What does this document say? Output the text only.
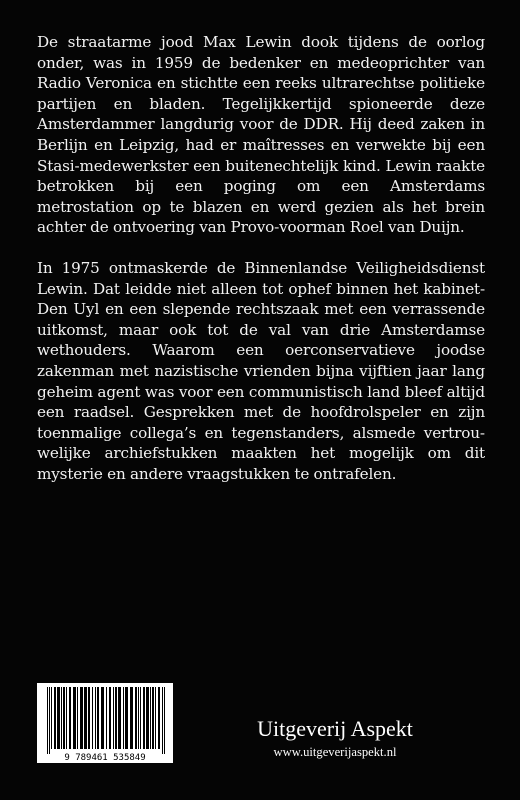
De straatarme jood Max Lewin dook tijdens de oorlog onder, was in 1959 de bedenker en medeoprichter van Radio Veronica en stichtte een reeks ultrarechtse politieke partijen en bladen. Tegelijkkertijd spioneerde deze Amsterdammer langdurig voor de DDR. Hij deed zaken in Berlijn en Leipzig, had er maîtresses en verwekte bij een Stasi-medewerkster een buitenechtelijk kind. Lewin raakte betrokken bij een poging om een Amsterdams metrostation op te blazen en werd gezien als het brein achter de ontvoering van Provo-voorman Roel van Duijn.

In 1975 ontmaskerde de Binnenlandse Veiligheidsdienst Lewin. Dat leidde niet alleen tot ophef binnen het kabinet-Den Uyl en een slepende rechtszaak met een verrassende uitkomst, maar ook tot de val van drie Amsterdamse wethouders. Waarom een oerconservatieve joodse zakenman met nazistische vrienden bijna vijftien jaar lang geheim agent was voor een communistisch land bleef altijd een raadsel. Gesprekken met de hoofdrolspeler en zijn toenmalige collega’s en tegenstanders, alsmede vertrouwelijke archiefstukken maakten het mogelijk om dit mysterie en andere vraagstukken te ontrafelen.

9 789461 535849
Uitgeverij Aspekt
www.uitgeverijaspekt.nl
